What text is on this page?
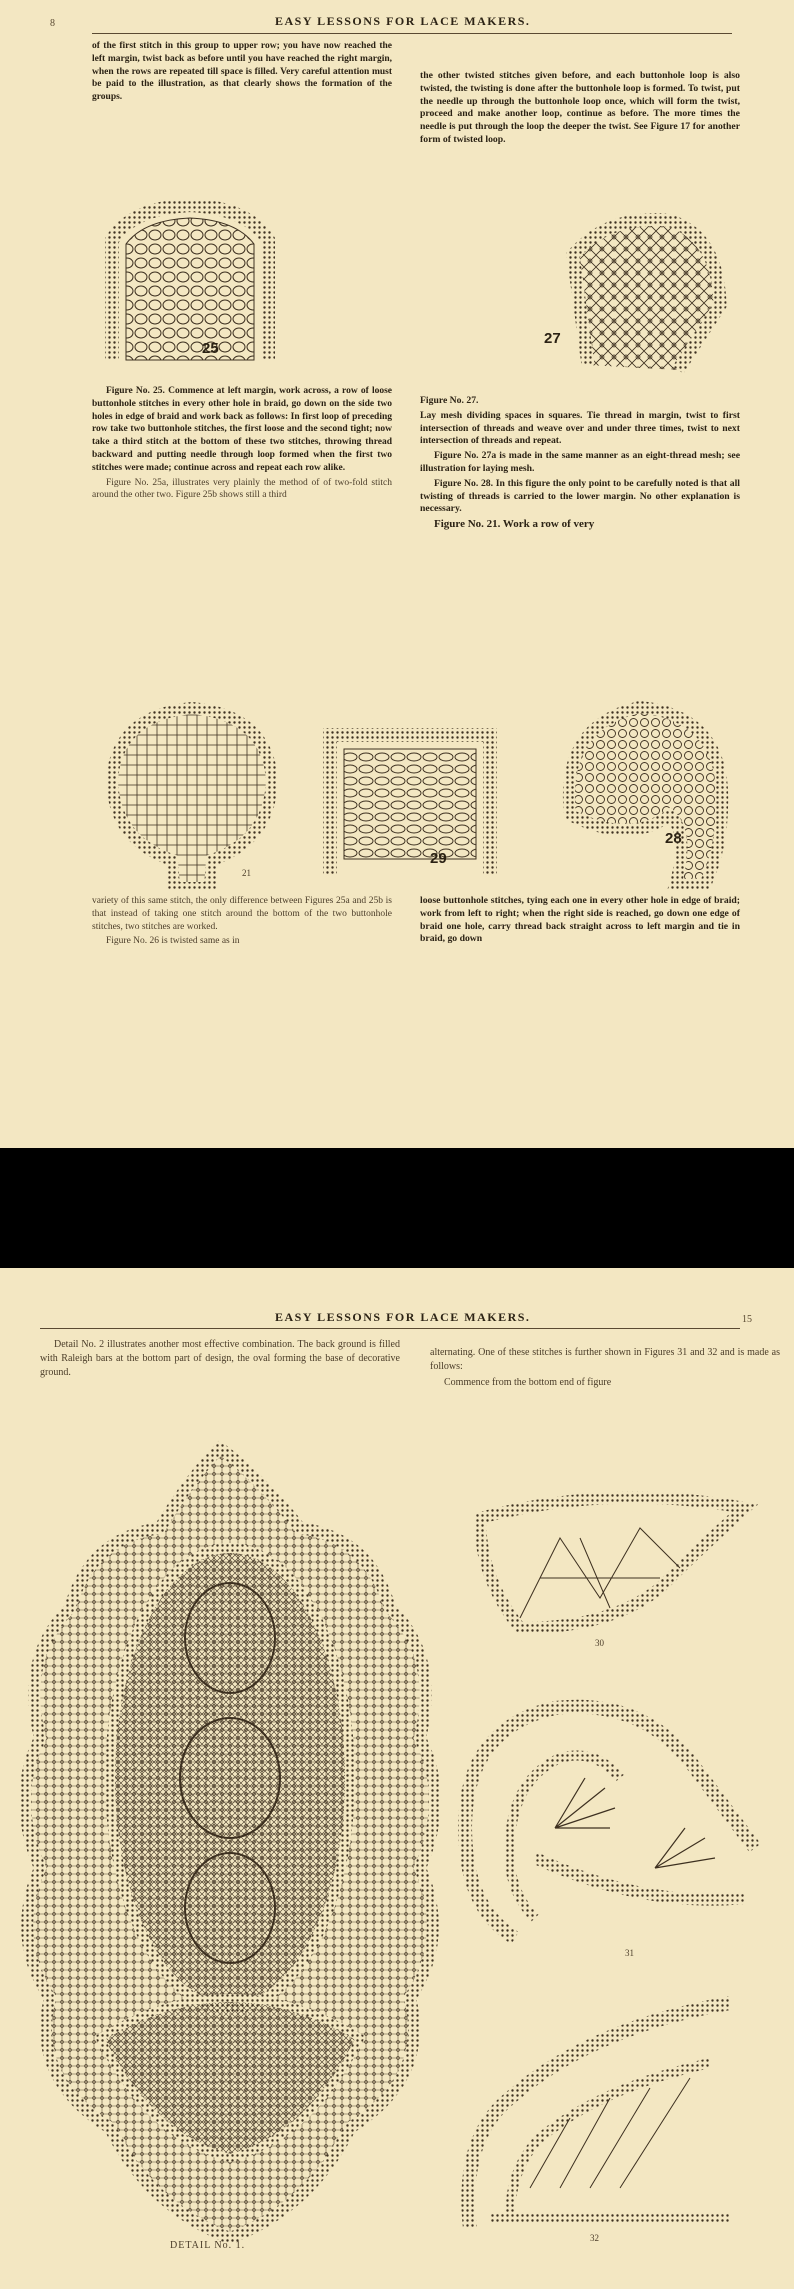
8	EASY LESSONS FOR LACE MAKERS.

of the first stitch in this group to upper row; you have now reached the left margin, twist back as before until you have reached the right margin, when the rows are repeated till space is filled. Very careful attention must be paid to the illustration, as that clearly shows the formation of the groups.

25

Figure No. 25. Commence at left margin, work across, a row of loose buttonhole stitches in every other hole in braid, go down on the side two holes in edge of braid and work back as follows: In first loop of preceding row take two buttonhole stitches, the first loose and the second tight; now take a third stitch at the bottom of these two stitches, throwing thread backward and putting needle through loop formed when the first two stitches were made; continue across and repeat each row alike.

Figure No. 25a, illustrates very plainly the method of of two-fold stitch around the other two. Figure 25b shows still a third

the other twisted stitches given before, and each buttonhole loop is also twisted, the twisting is done after the buttonhole loop is formed. To twist, put the needle up through the buttonhole loop once, which will form the twist, proceed and make another loop, continue as before. The more times the needle is put through the loop the deeper the twist. See Figure 17 for another form of twisted loop.

27

Figure No. 27.

Lay mesh dividing spaces in squares. Tie thread in margin, twist to first intersection of threads and weave over and under three times, twist to next intersection of threads and repeat.

Figure No. 27a is made in the same manner as an eight-thread mesh; see illustration for laying mesh.

Figure No. 28. In this figure the only point to be carefully noted is that all twisting of threads is carried to the lower margin. No other explanation is necessary.

Figure No. 21. Work a row of very

21
29
28

variety of this same stitch, the only difference between Figures 25a and 25b is that instead of taking one stitch around the bottom of the two buttonhole stitches, two stitches are worked.

Figure No. 26 is twisted same as in

loose buttonhole stitches, tying each one in every other hole in edge of braid; work from left to right; when the right side is reached, go down one edge of braid one hole, carry thread back straight across to left margin and tie in braid, go down

EASY LESSONS FOR LACE MAKERS.	15

Detail No. 2 illustrates another most effective combination. The back ground is filled with Raleigh bars at the bottom part of design, the oval forming the base of decorative ground.

alternating. One of these stitches is further shown in Figures 31 and 32 and is made as follows:

Commence from the bottom end of figure

DETAIL No. 1.
30
31
32
